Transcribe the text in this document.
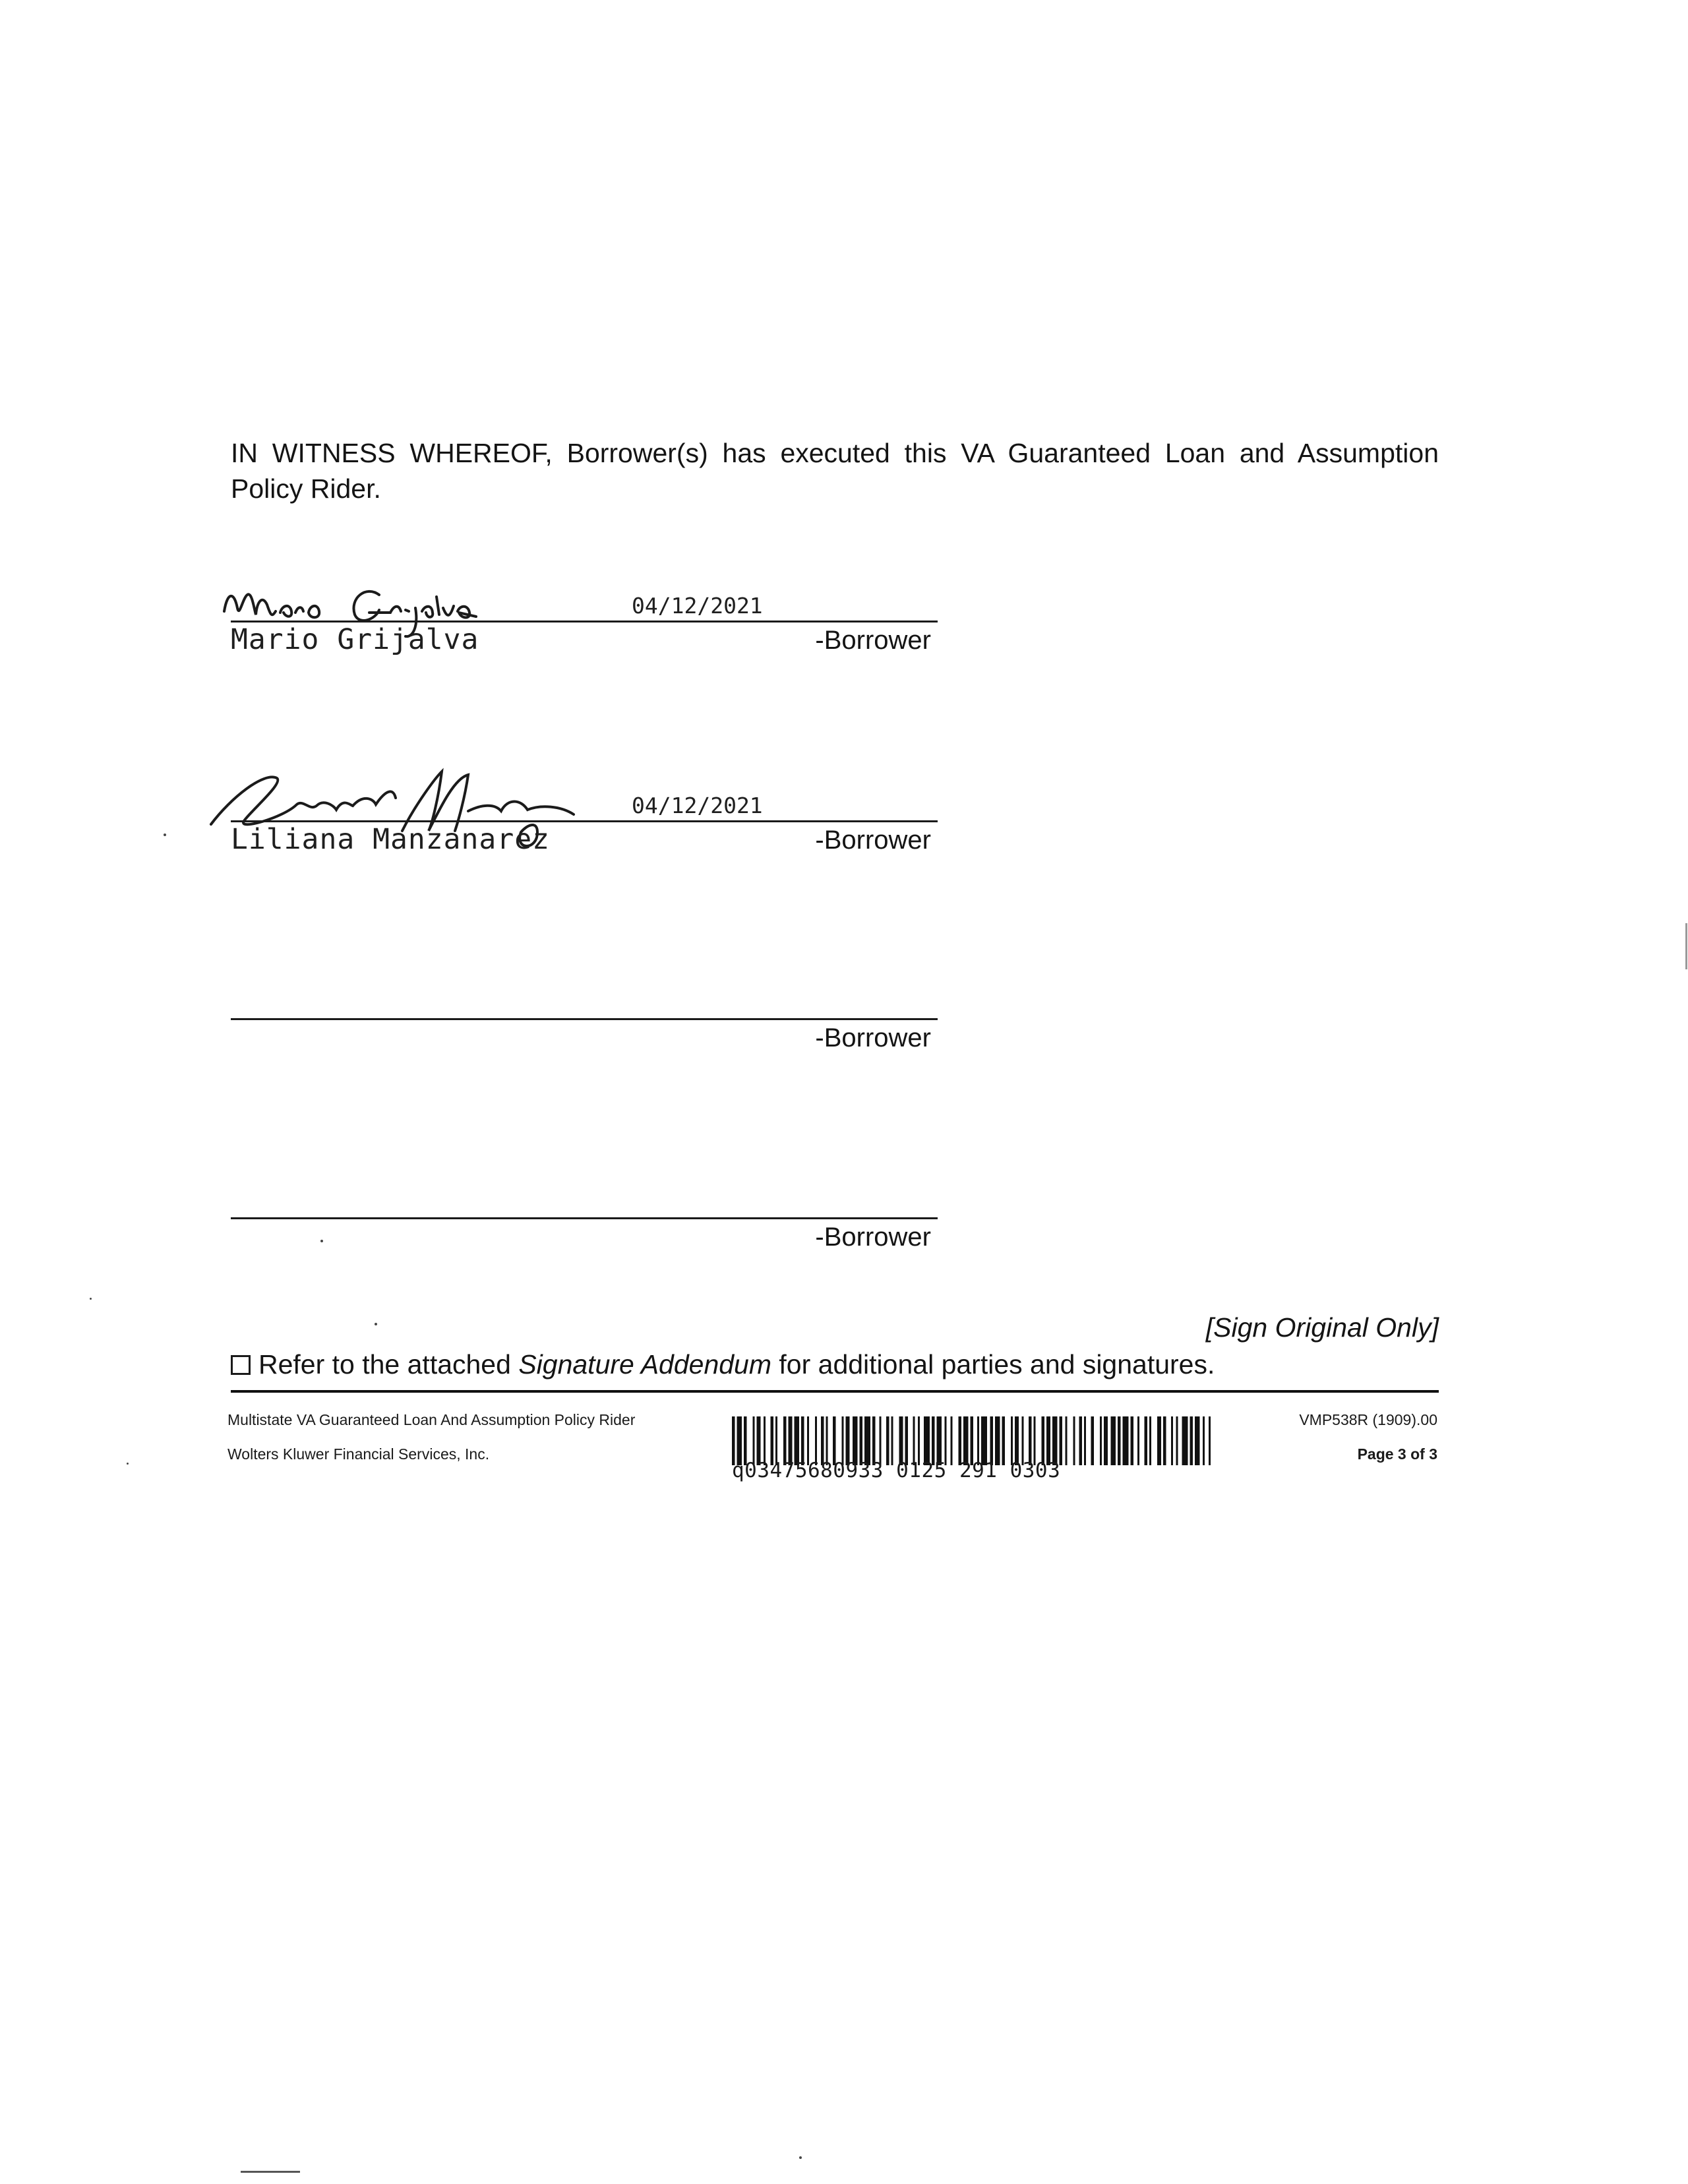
IN WITNESS WHEREOF, Borrower(s) has executed this VA Guaranteed Loan and Assumption
Policy Rider.
04/12/2021
Mario Grijalva	-Borrower
04/12/2021
Liliana Manzanarez	-Borrower
-Borrower
-Borrower
[Sign Original Only]
Refer to the attached Signature Addendum for additional parties and signatures.
Multistate VA Guaranteed Loan And Assumption Policy Rider
Wolters Kluwer Financial Services, Inc.
q03475680933 0125 291 0303
VMP538R (1909).00
Page 3 of 3
